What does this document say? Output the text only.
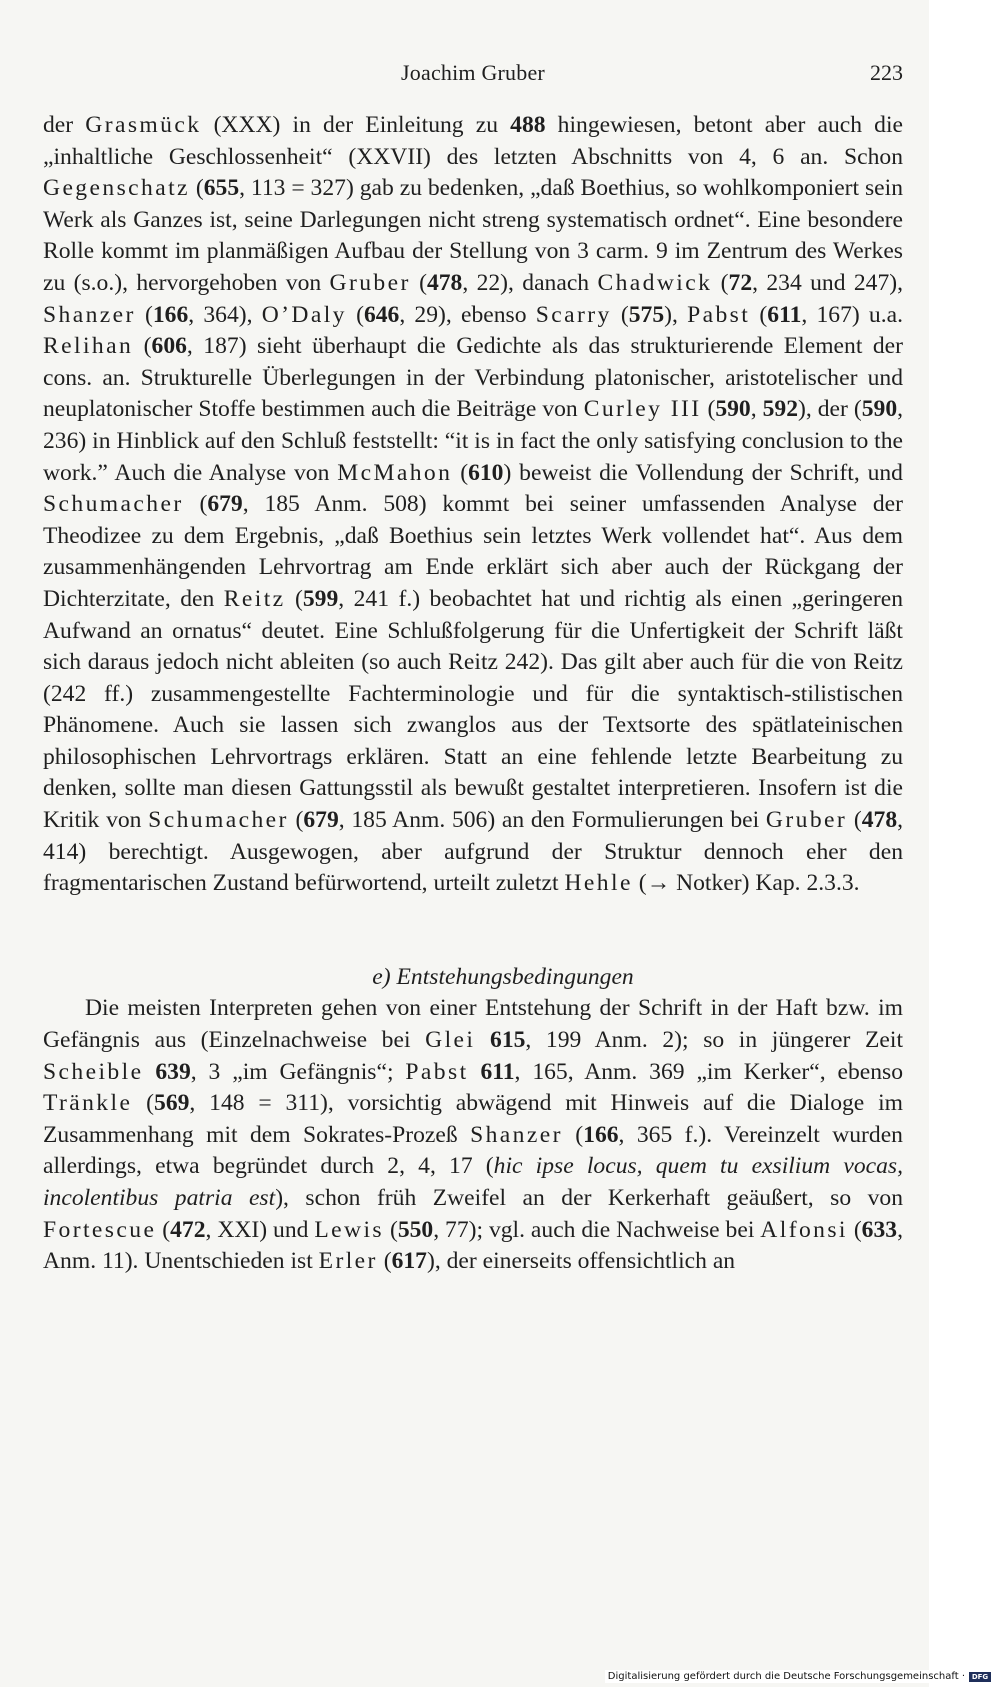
Joachim Gruber	223

der Grasmück (XXX) in der Einleitung zu 488 hingewiesen, betont aber auch die „inhaltliche Geschlossenheit“ (XXVII) des letzten Abschnitts von 4, 6 an. Schon Gegenschatz (655, 113 = 327) gab zu bedenken, „daß Boethius, so wohlkomponiert sein Werk als Ganzes ist, seine Darlegungen nicht streng systematisch ordnet“. Eine besondere Rolle kommt im planmäßigen Aufbau der Stellung von 3 carm. 9 im Zentrum des Werkes zu (s.o.), hervorgehoben von Gruber (478, 22), danach Chadwick (72, 234 und 247), Shanzer (166, 364), O’Daly (646, 29), ebenso Scarry (575), Pabst (611, 167) u.a. Relihan (606, 187) sieht überhaupt die Gedichte als das strukturierende Element der cons. an. Strukturelle Überlegungen in der Verbindung platonischer, aristotelischer und neuplatonischer Stoffe bestimmen auch die Beiträge von Curley III (590, 592), der (590, 236) in Hinblick auf den Schluß feststellt: “it is in fact the only satisfying conclusion to the work.” Auch die Analyse von McMahon (610) beweist die Vollendung der Schrift, und Schumacher (679, 185 Anm. 508) kommt bei seiner umfassenden Analyse der Theodizee zu dem Ergebnis, „daß Boethius sein letztes Werk vollendet hat“. Aus dem zusammenhängenden Lehrvortrag am Ende erklärt sich aber auch der Rückgang der Dichterzitate, den Reitz (599, 241 f.) beobachtet hat und richtig als einen „geringeren Aufwand an ornatus“ deutet. Eine Schlußfolgerung für die Unfertigkeit der Schrift läßt sich daraus jedoch nicht ableiten (so auch Reitz 242). Das gilt aber auch für die von Reitz (242 ff.) zusammengestellte Fachterminologie und für die syntaktisch-stilistischen Phänomene. Auch sie lassen sich zwanglos aus der Textsorte des spätlateinischen philosophischen Lehrvortrags erklären. Statt an eine fehlende letzte Bearbeitung zu denken, sollte man diesen Gattungsstil als bewußt gestaltet interpretieren. Insofern ist die Kritik von Schumacher (679, 185 Anm. 506) an den Formulierungen bei Gruber (478, 414) berechtigt. Ausgewogen, aber aufgrund der Struktur dennoch eher den fragmentarischen Zustand befürwortend, urteilt zuletzt Hehle (→ Notker) Kap. 2.3.3.

e) Entstehungsbedingungen

Die meisten Interpreten gehen von einer Entstehung der Schrift in der Haft bzw. im Gefängnis aus (Einzelnachweise bei Glei 615, 199 Anm. 2); so in jüngerer Zeit Scheible 639, 3 „im Gefängnis“; Pabst 611, 165, Anm. 369 „im Kerker“, ebenso Tränkle (569, 148 = 311), vorsichtig abwägend mit Hinweis auf die Dialoge im Zusammenhang mit dem Sokrates-Prozeß Shanzer (166, 365 f.). Vereinzelt wurden allerdings, etwa begründet durch 2, 4, 17 (hic ipse locus, quem tu exsilium vocas, incolentibus patria est), schon früh Zweifel an der Kerkerhaft geäußert, so von Fortescue (472, XXI) und Lewis (550, 77); vgl. auch die Nachweise bei Alfonsi (633, Anm. 11). Unentschieden ist Erler (617), der einerseits offensichtlich an

Digitalisierung gefördert durch die Deutsche Forschungsgemeinschaft · DFG
